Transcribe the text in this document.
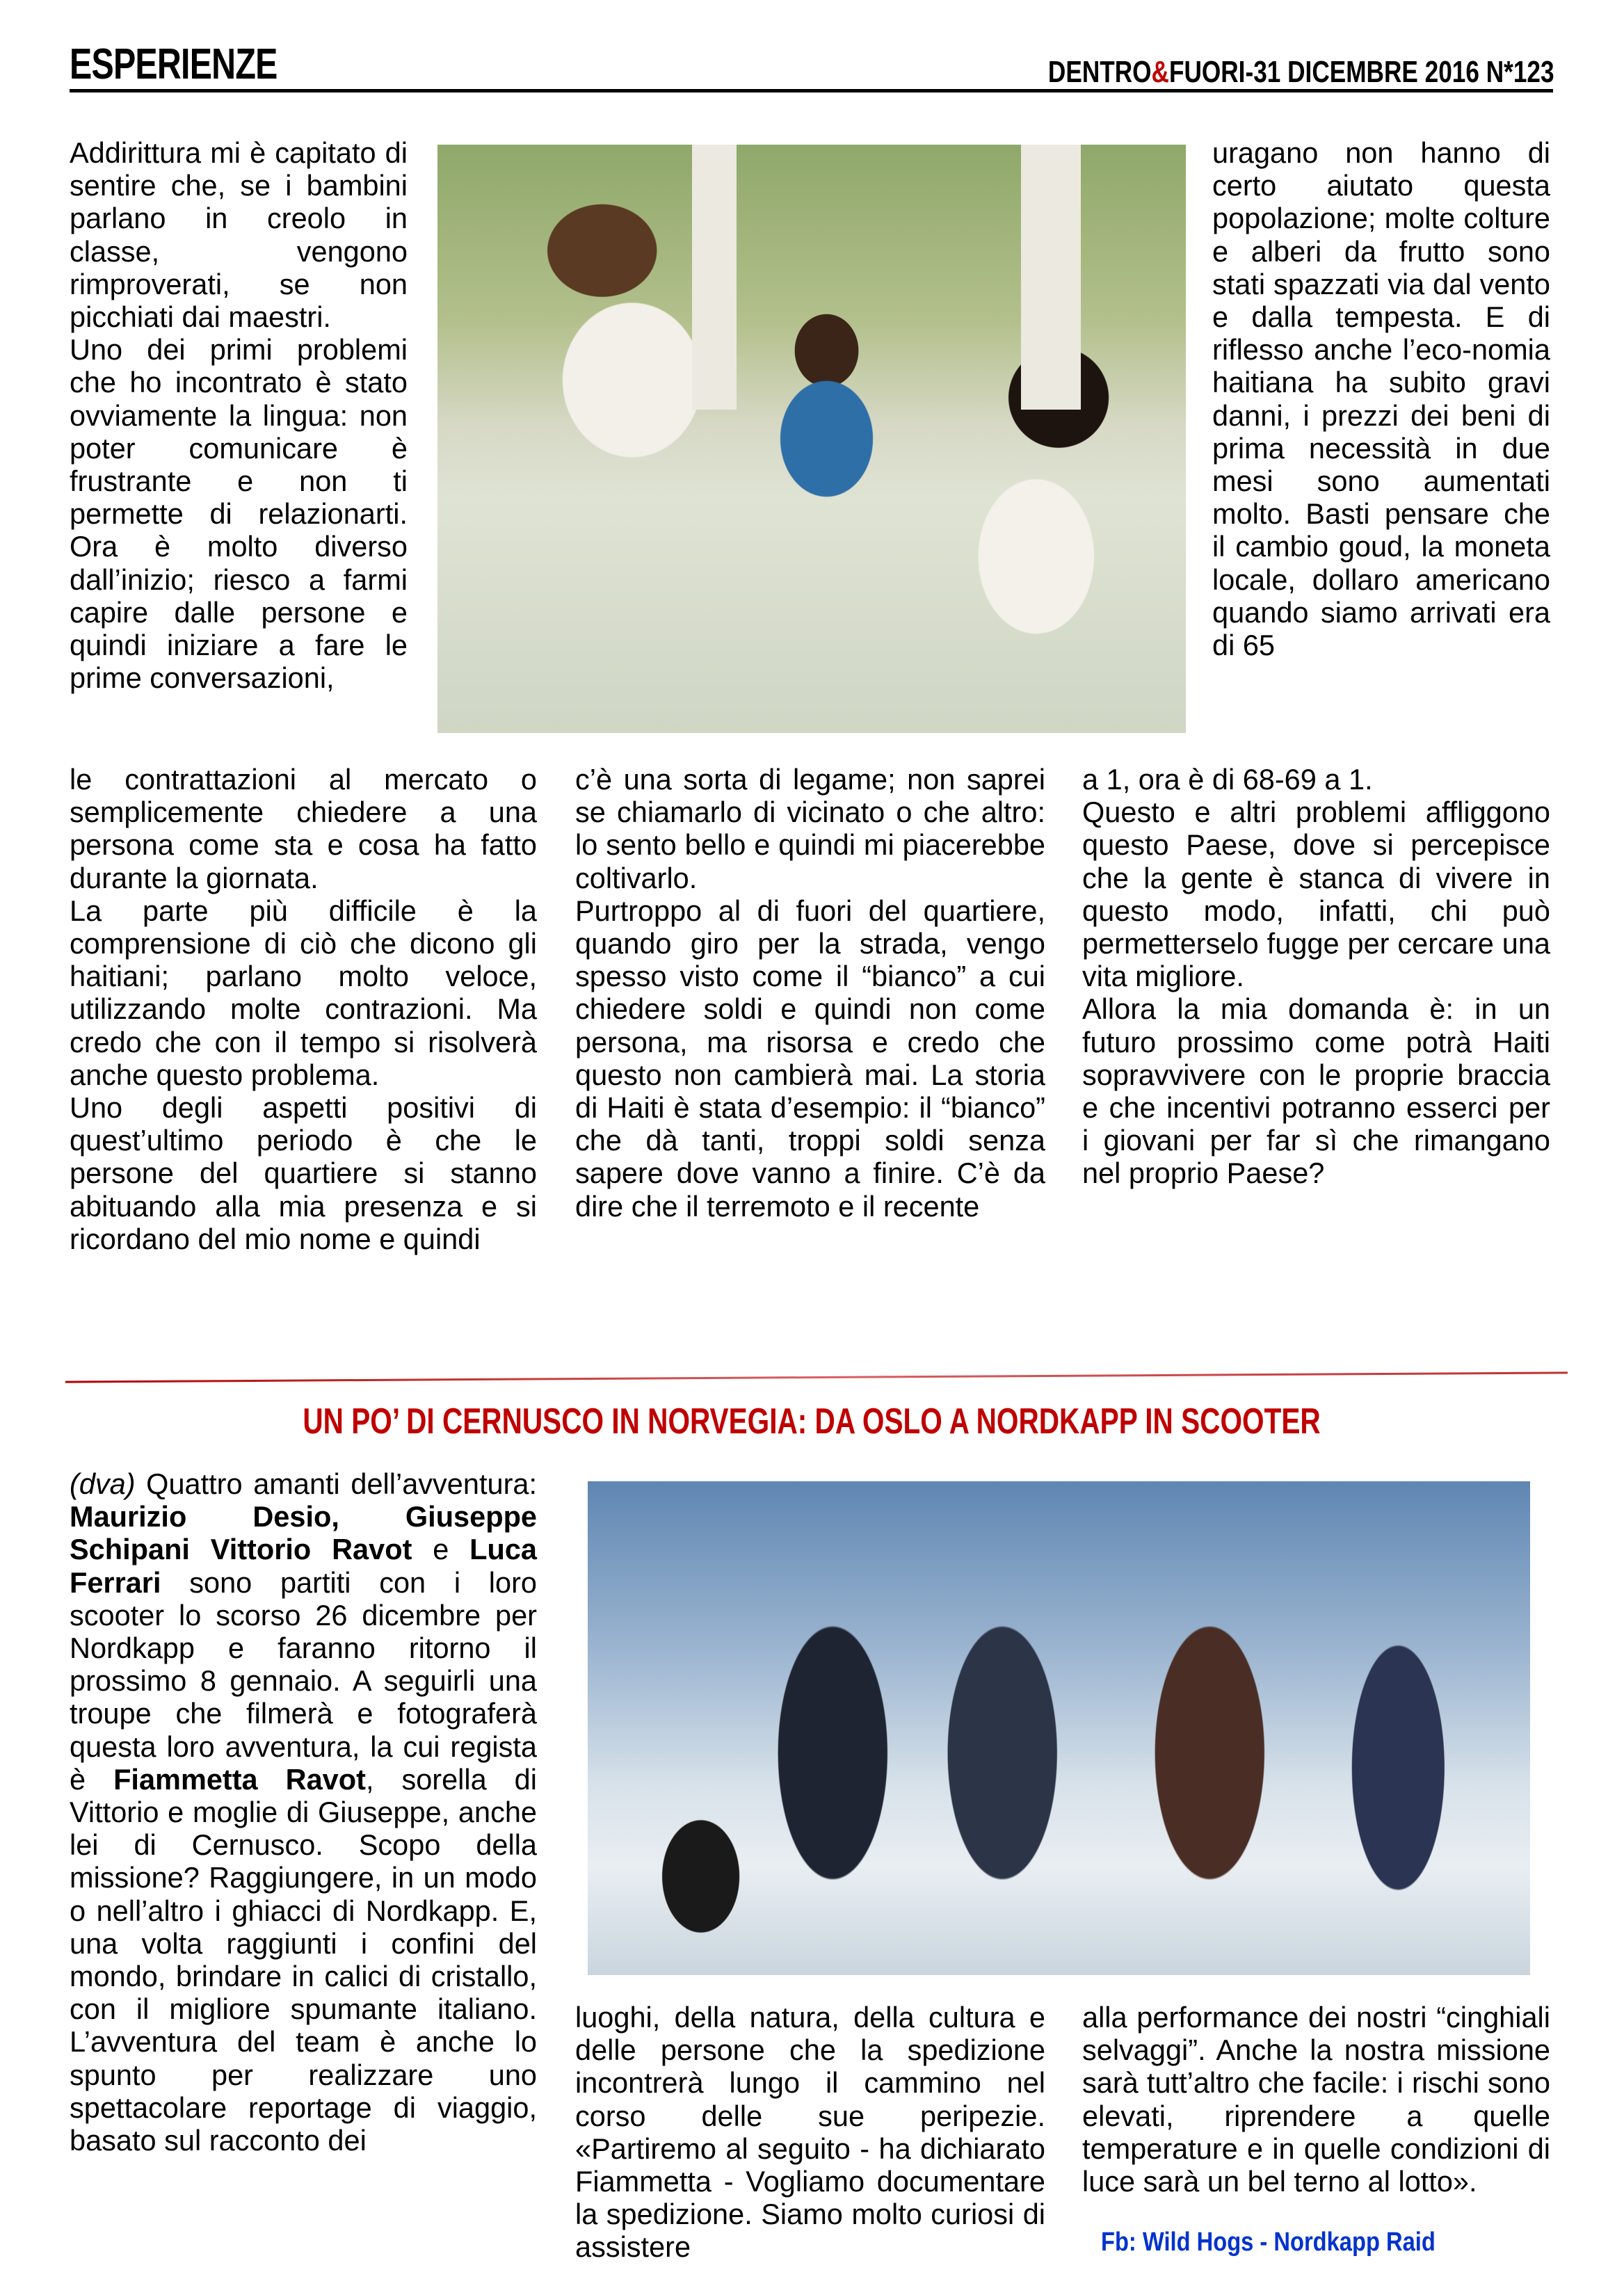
ESPERIENZE	DENTRO&FUORI-31 DICEMBRE 2016 N*123

Addirittura mi è capitato di sentire che, se i bambini parlano in creolo in classe, vengono rimproverati, se non picchiati dai maestri.

Uno dei primi problemi che ho incontrato è stato ovviamente la lingua: non poter comunicare è frustrante e non ti permette di relazionarti. Ora è molto diverso dall’inizio; riesco a farmi capire dalle persone e quindi iniziare a fare le prime conversazioni,

le contrattazioni al mercato o semplicemente chiedere a una persona come sta e cosa ha fatto durante la giornata.

La parte più difficile è la comprensione di ciò che dicono gli haitiani; parlano molto veloce, utilizzando molte contrazioni. Ma credo che con il tempo si risolverà anche questo problema.

Uno degli aspetti positivi di quest’ultimo periodo è che le persone del quartiere si stanno abituando alla mia presenza e si ricordano del mio nome e quindi

c’è una sorta di legame; non saprei se chiamarlo di vicinato o che altro: lo sento bello e quindi mi piacerebbe coltivarlo.

Purtroppo al di fuori del quartiere, quando giro per la strada, vengo spesso visto come il “bianco” a cui chiedere soldi e quindi non come persona, ma risorsa e credo che questo non cambierà mai. La storia di Haiti è stata d’esempio: il “bianco” che dà tanti, troppi soldi senza sapere dove vanno a finire. C’è da dire che il terremoto e il recente

uragano non hanno di certo aiutato questa popolazione; molte colture e alberi da frutto sono stati spazzati via dal vento e dalla tempesta. E di riflesso anche l’eco-nomia haitiana ha subito gravi danni, i prezzi dei beni di prima necessità in due mesi sono aumentati molto. Basti pensare che il cambio goud, la moneta locale, dollaro americano quando siamo arrivati era di 65

a 1, ora è di 68-69 a 1.

Questo e altri problemi affliggono questo Paese, dove si percepisce che la gente è stanca di vivere in questo modo, infatti, chi può permetterselo fugge per cercare una vita migliore.

Allora la mia domanda è: in un futuro prossimo come potrà Haiti sopravvivere con le proprie braccia e che incentivi potranno esserci per i giovani per far sì che rimangano nel proprio Paese?

UN PO’ DI CERNUSCO IN NORVEGIA: DA OSLO A NORDKAPP IN SCOOTER

(dva) Quattro amanti dell’avventura: Maurizio Desio, Giuseppe Schipani Vittorio Ravot e Luca Ferrari sono partiti con i loro scooter lo scorso 26 dicembre per Nordkapp e faranno ritorno il prossimo 8 gennaio. A seguirli una troupe che filmerà e fotograferà questa loro avventura, la cui regista è Fiammetta Ravot, sorella di Vittorio e moglie di Giuseppe, anche lei di Cernusco. Scopo della missione? Raggiungere, in un modo o nell’altro i ghiacci di Nordkapp. E, una volta raggiunti i confini del mondo, brindare in calici di cristallo, con il migliore spumante italiano. L’avventura del team è anche lo spunto per realizzare uno spettacolare reportage di viaggio, basato sul racconto dei

luoghi, della natura, della cultura e delle persone che la spedizione incontrerà lungo il cammino nel corso delle sue peripezie. «Partiremo al seguito - ha dichiarato Fiammetta - Vogliamo documentare la spedizione. Siamo molto curiosi di assistere

alla performance dei nostri “cinghiali selvaggi”. Anche la nostra missione sarà tutt’altro che facile: i rischi sono elevati, riprendere a quelle temperature e in quelle condizioni di luce sarà un bel terno al lotto».

Fb: Wild Hogs - Nordkapp Raid
